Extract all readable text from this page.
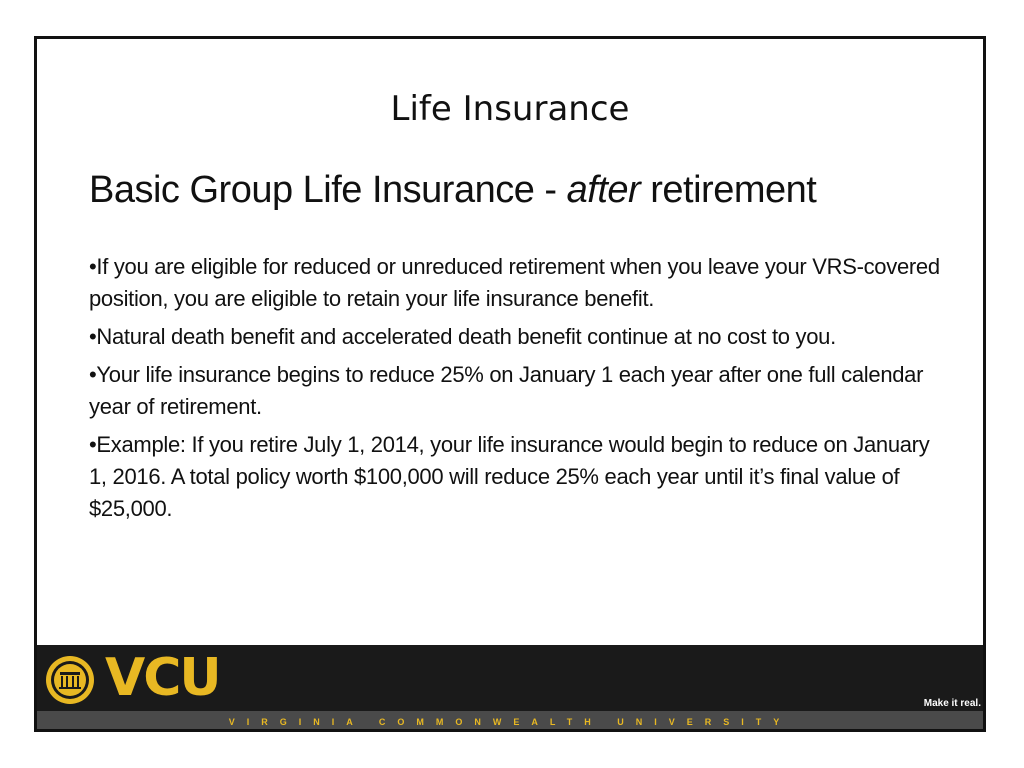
Life Insurance
Basic Group Life Insurance - after retirement
•If you are eligible for reduced or unreduced retirement when you leave your VRS-covered position, you are eligible to retain your life insurance benefit.
•Natural death benefit and accelerated death benefit continue at no cost to you.
•Your life insurance begins to reduce 25% on January 1 each year after one full calendar year of retirement.
•Example: If you retire July 1, 2014, your life insurance would begin to reduce on January 1, 2016. A total policy worth $100,000 will reduce 25% each year until it’s final value of $25,000.
VCU	Make it real.
VIRGINIA COMMONWEALTH UNIVERSITY
